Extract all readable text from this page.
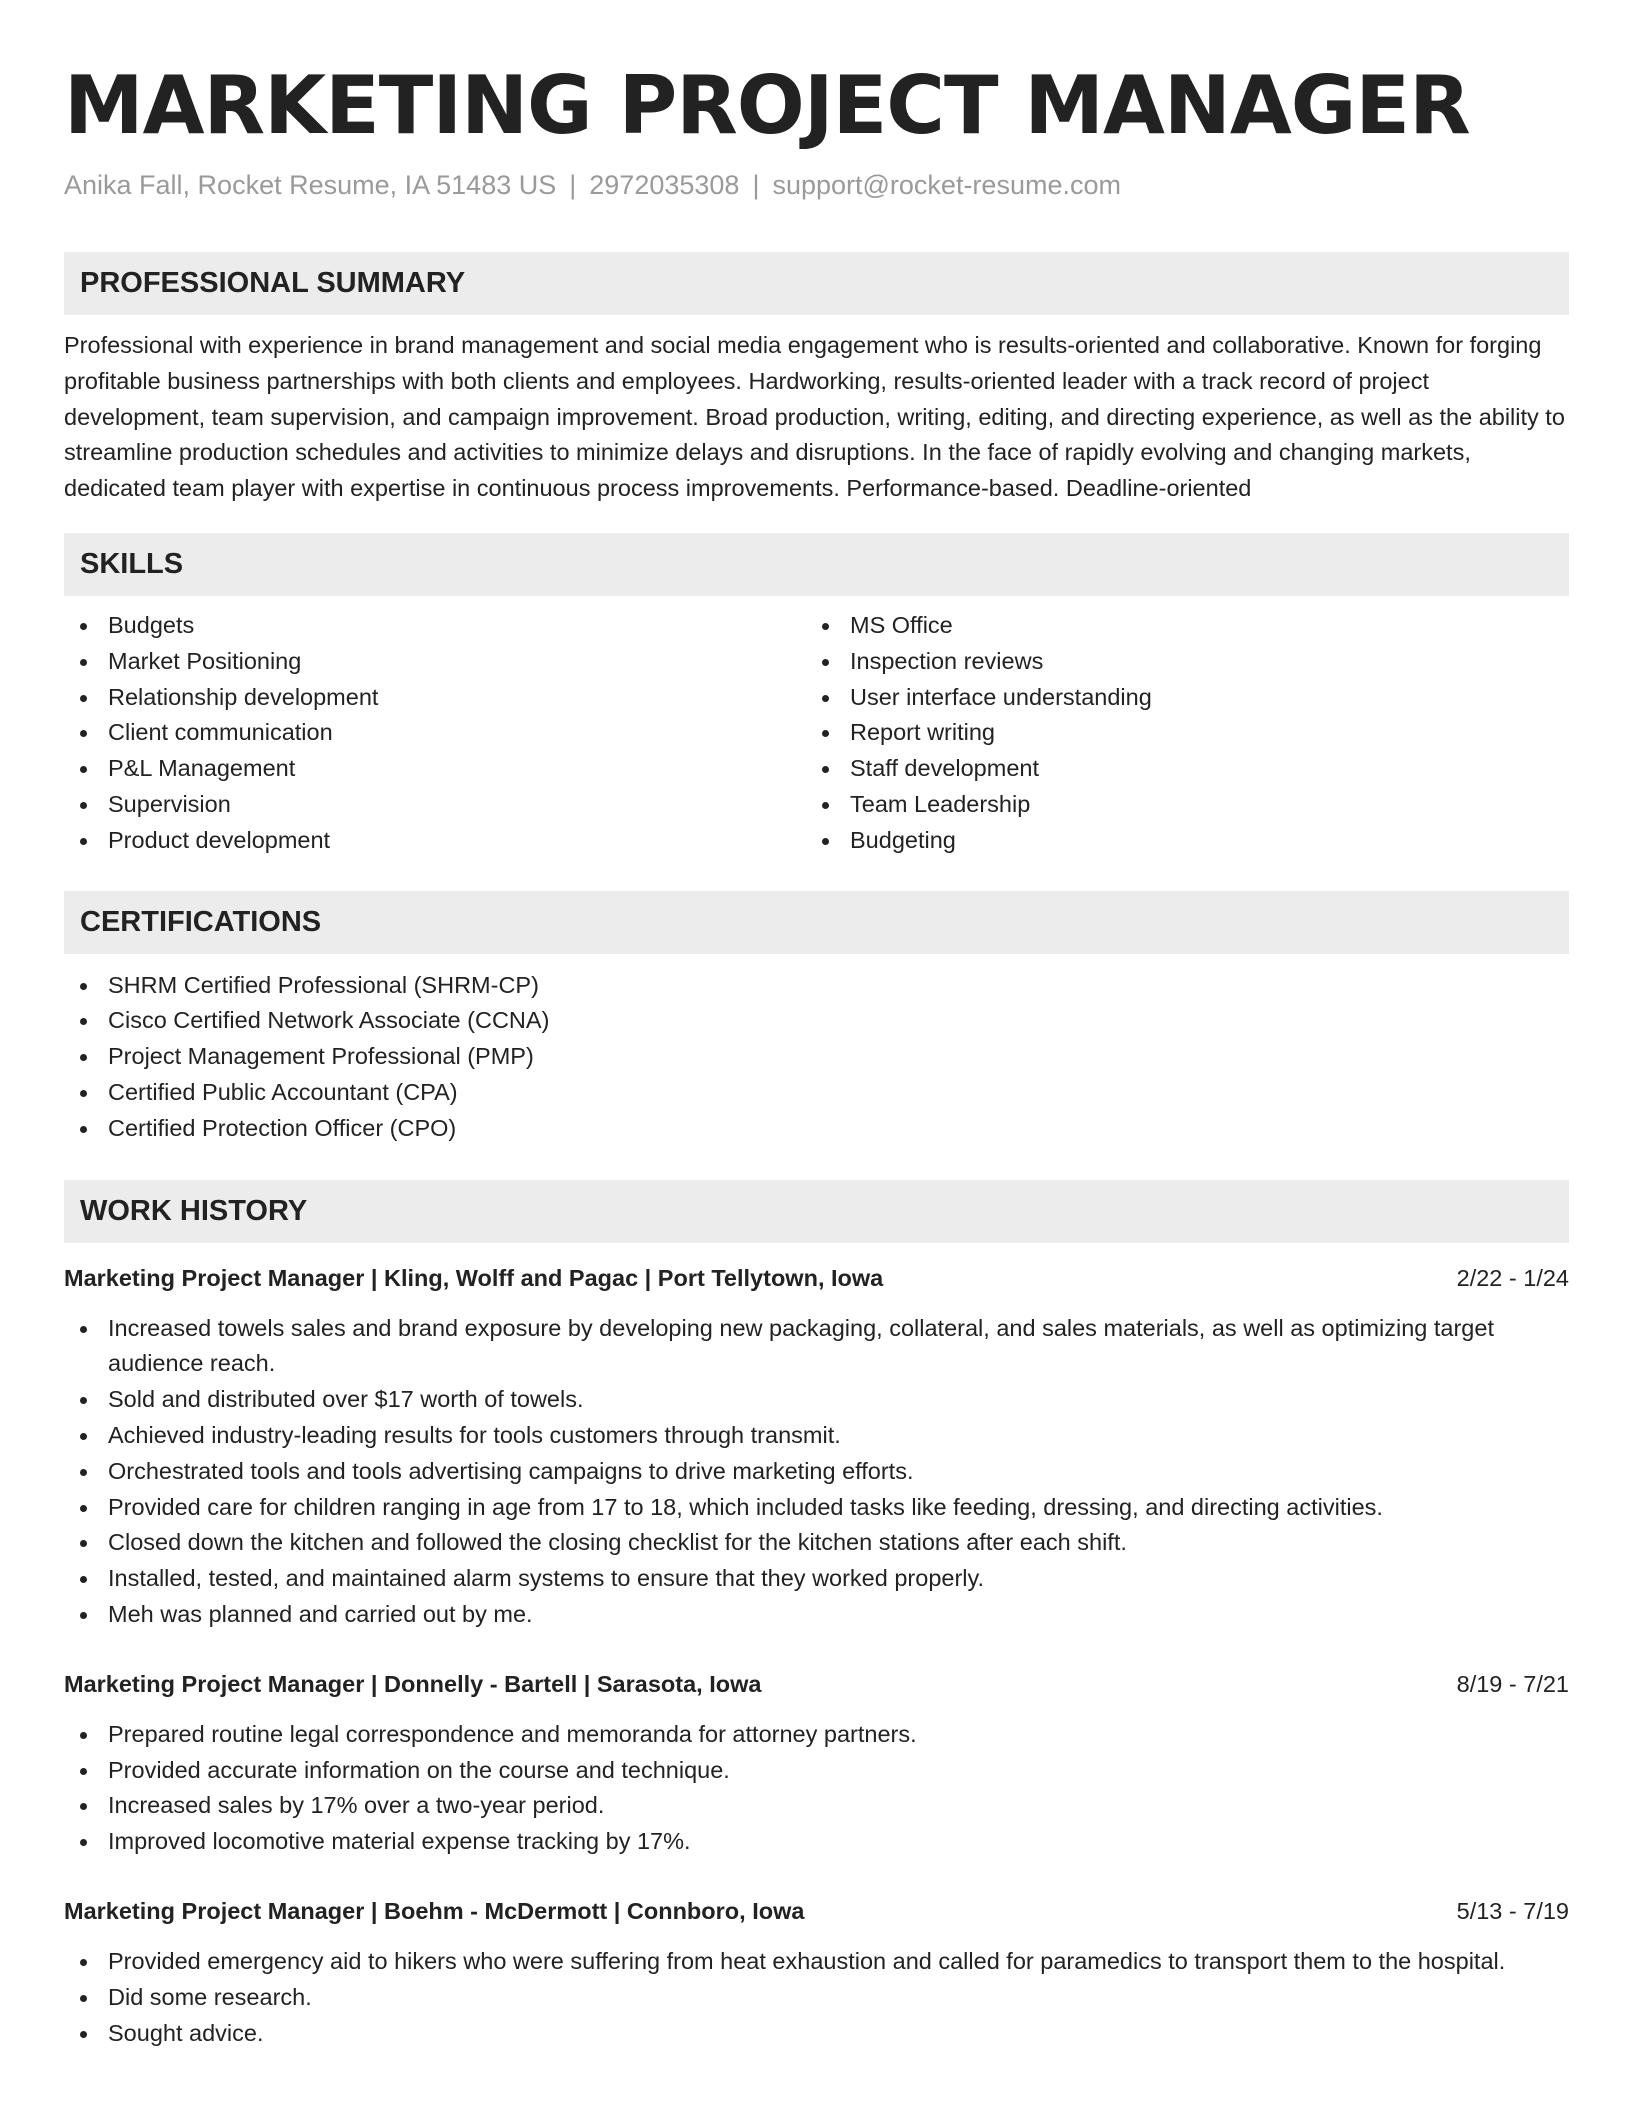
MARKETING PROJECT MANAGER
Anika Fall, Rocket Resume, IA 51483 US | 2972035308 | support@rocket-resume.com
PROFESSIONAL SUMMARY

Professional with experience in brand management and social media engagement who is results-oriented and collaborative. Known for forging profitable business partnerships with both clients and employees. Hardworking, results-oriented leader with a track record of project development, team supervision, and campaign improvement. Broad production, writing, editing, and directing experience, as well as the ability to streamline production schedules and activities to minimize delays and disruptions. In the face of rapidly evolving and changing markets, dedicated team player with expertise in continuous process improvements. Performance-based. Deadline-oriented

SKILLS
Budgets
Market Positioning
Relationship development
Client communication
P&L Management
Supervision
Product development
MS Office
Inspection reviews
User interface understanding
Report writing
Staff development
Team Leadership
Budgeting
CERTIFICATIONS
SHRM Certified Professional (SHRM-CP)
Cisco Certified Network Associate (CCNA)
Project Management Professional (PMP)
Certified Public Accountant (CPA)
Certified Protection Officer (CPO)
WORK HISTORY
Marketing Project Manager | Kling, Wolff and Pagac | Port Tellytown, Iowa	2/22 - 1/24
Increased towels sales and brand exposure by developing new packaging, collateral, and sales materials, as well as optimizing target audience reach.
Sold and distributed over $17 worth of towels.
Achieved industry-leading results for tools customers through transmit.
Orchestrated tools and tools advertising campaigns to drive marketing efforts.
Provided care for children ranging in age from 17 to 18, which included tasks like feeding, dressing, and directing activities.
Closed down the kitchen and followed the closing checklist for the kitchen stations after each shift.
Installed, tested, and maintained alarm systems to ensure that they worked properly.
Meh was planned and carried out by me.
Marketing Project Manager | Donnelly - Bartell | Sarasota, Iowa	8/19 - 7/21
Prepared routine legal correspondence and memoranda for attorney partners.
Provided accurate information on the course and technique.
Increased sales by 17% over a two-year period.
Improved locomotive material expense tracking by 17%.
Marketing Project Manager | Boehm - McDermott | Connboro, Iowa	5/13 - 7/19
Provided emergency aid to hikers who were suffering from heat exhaustion and called for paramedics to transport them to the hospital.
Did some research.
Sought advice.
